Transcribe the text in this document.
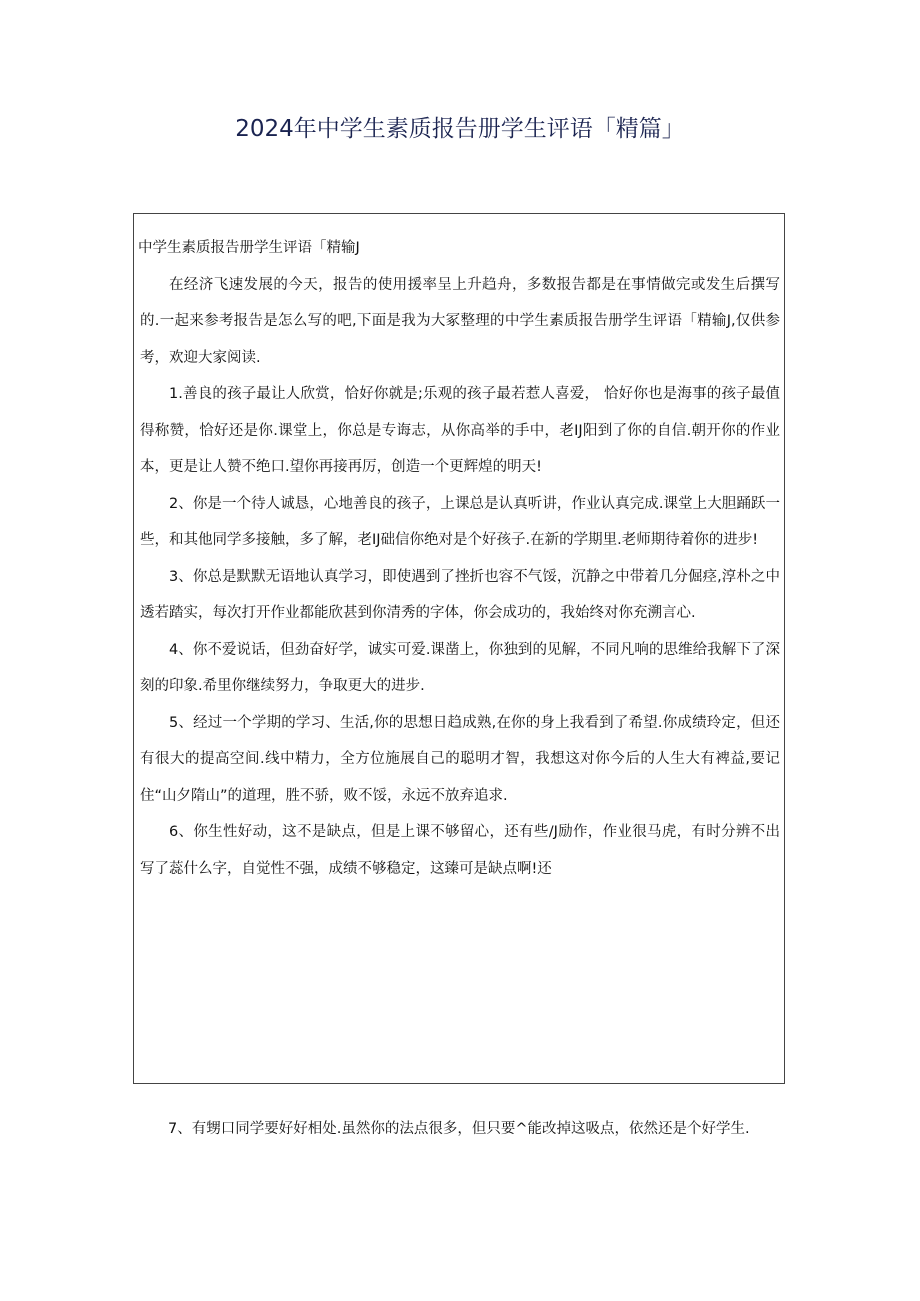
2024年中学生素质报告册学生评语「精篇」

中学生素质报告册学生评语「精输J

在经济飞速发展的今天，报告的使用援率呈上升趋舟，多数报告都是在事情做完或发生后撰写的.一起来参考报告是怎么写的吧,下面是我为大冢整理的中学生素质报告册学生评语「精输J,仅供参考，欢迎大家阅读.

1.善良的孩子最让人欣赏，恰好你就是;乐观的孩子最若惹人喜爱， 恰好你也是海事的孩子最值得称赞，恰好还是你.课堂上，你总是专诲志，从你高举的手中，老IJ阳到了你的自信.朝开你的作业本，更是让人赞不绝口.望你再接再厉，创造一个更辉煌的明天!

2、你是一个待人诚恳，心地善良的孩子，上课总是认真听讲，作业认真完成.课堂上大胆踊跃一些，和其他同学多接触，多了解，老IJ础信你绝对是个好孩子.在新的学期里.老师期待着你的进步!

3、你总是默默无语地认真学习，即使遇到了挫折也容不气馁，沉静之中带着几分倔痉,淳朴之中透若踏实，每次打开作业都能欣甚到你清秀的字体，你会成功的，我始终对你充溯言心.

4、你不爱说话，但劲奋好学，诚实可爱.课凿上，你独到的见解，不同凡响的思维给我解下了深刻的印象.希里你继续努力，争取更大的进步.

5、经过一个学期的学习、生活,你的思想日趋成熟,在你的身上我看到了希望.你成绩玲定，但还有很大的提高空间.线中精力，全方位施展自己的聪明才智，我想这对你今后的人生大有裨益,要记住“山夕隋山”的道理，胜不骄，败不馁，永远不放弃追求.

6、你生性好动，这不是缺点，但是上课不够留心，还有些/J励作，作业很马虎，有时分辨不出写了蕊什么字，自觉性不强，成绩不够稳定，这臻可是缺点啊!还

7、有甥口同学要好好相处.虽然你的法点很多，但只要^能改掉这吸点，依然还是个好学生.
